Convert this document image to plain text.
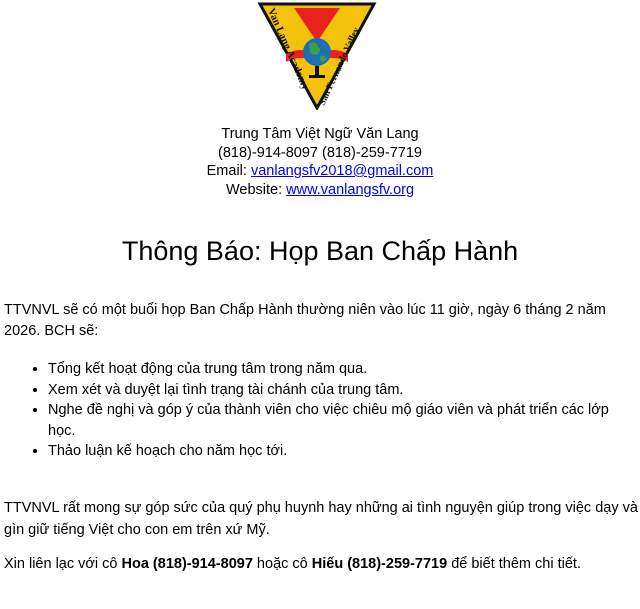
Van Lang Academy
San Fernando Valley
Trung Tâm Việt Ngữ Văn Lang
(818)-914-8097 (818)-259-7719
Email: vanlangsfv2018@gmail.com
Website: www.vanlangsfv.org
Thông Báo: Họp Ban Chấp Hành

TTVNVL sẽ có một buổi họp Ban Chấp Hành thường niên vào lúc 11 giờ, ngày 6 tháng 2 năm 2026. BCH sẽ:

• Tổng kết hoạt động của trung tâm trong năm qua.
• Xem xét và duyệt lại tình trạng tài chánh của trung tâm.
• Nghe đề nghị và góp ý của thành viên cho việc chiêu mộ giáo viên và phát triển các lớp học.
• Thảo luận kế hoạch cho năm học tới.

TTVNVL rất mong sự góp sức của quý phụ huynh hay những ai tình nguyện giúp trong việc dạy và gìn giữ tiếng Việt cho con em trên xứ Mỹ.

Xin liên lạc với cô Hoa (818)-914-8097 hoặc cô Hiếu (818)-259-7719 để biết thêm chi tiết.
